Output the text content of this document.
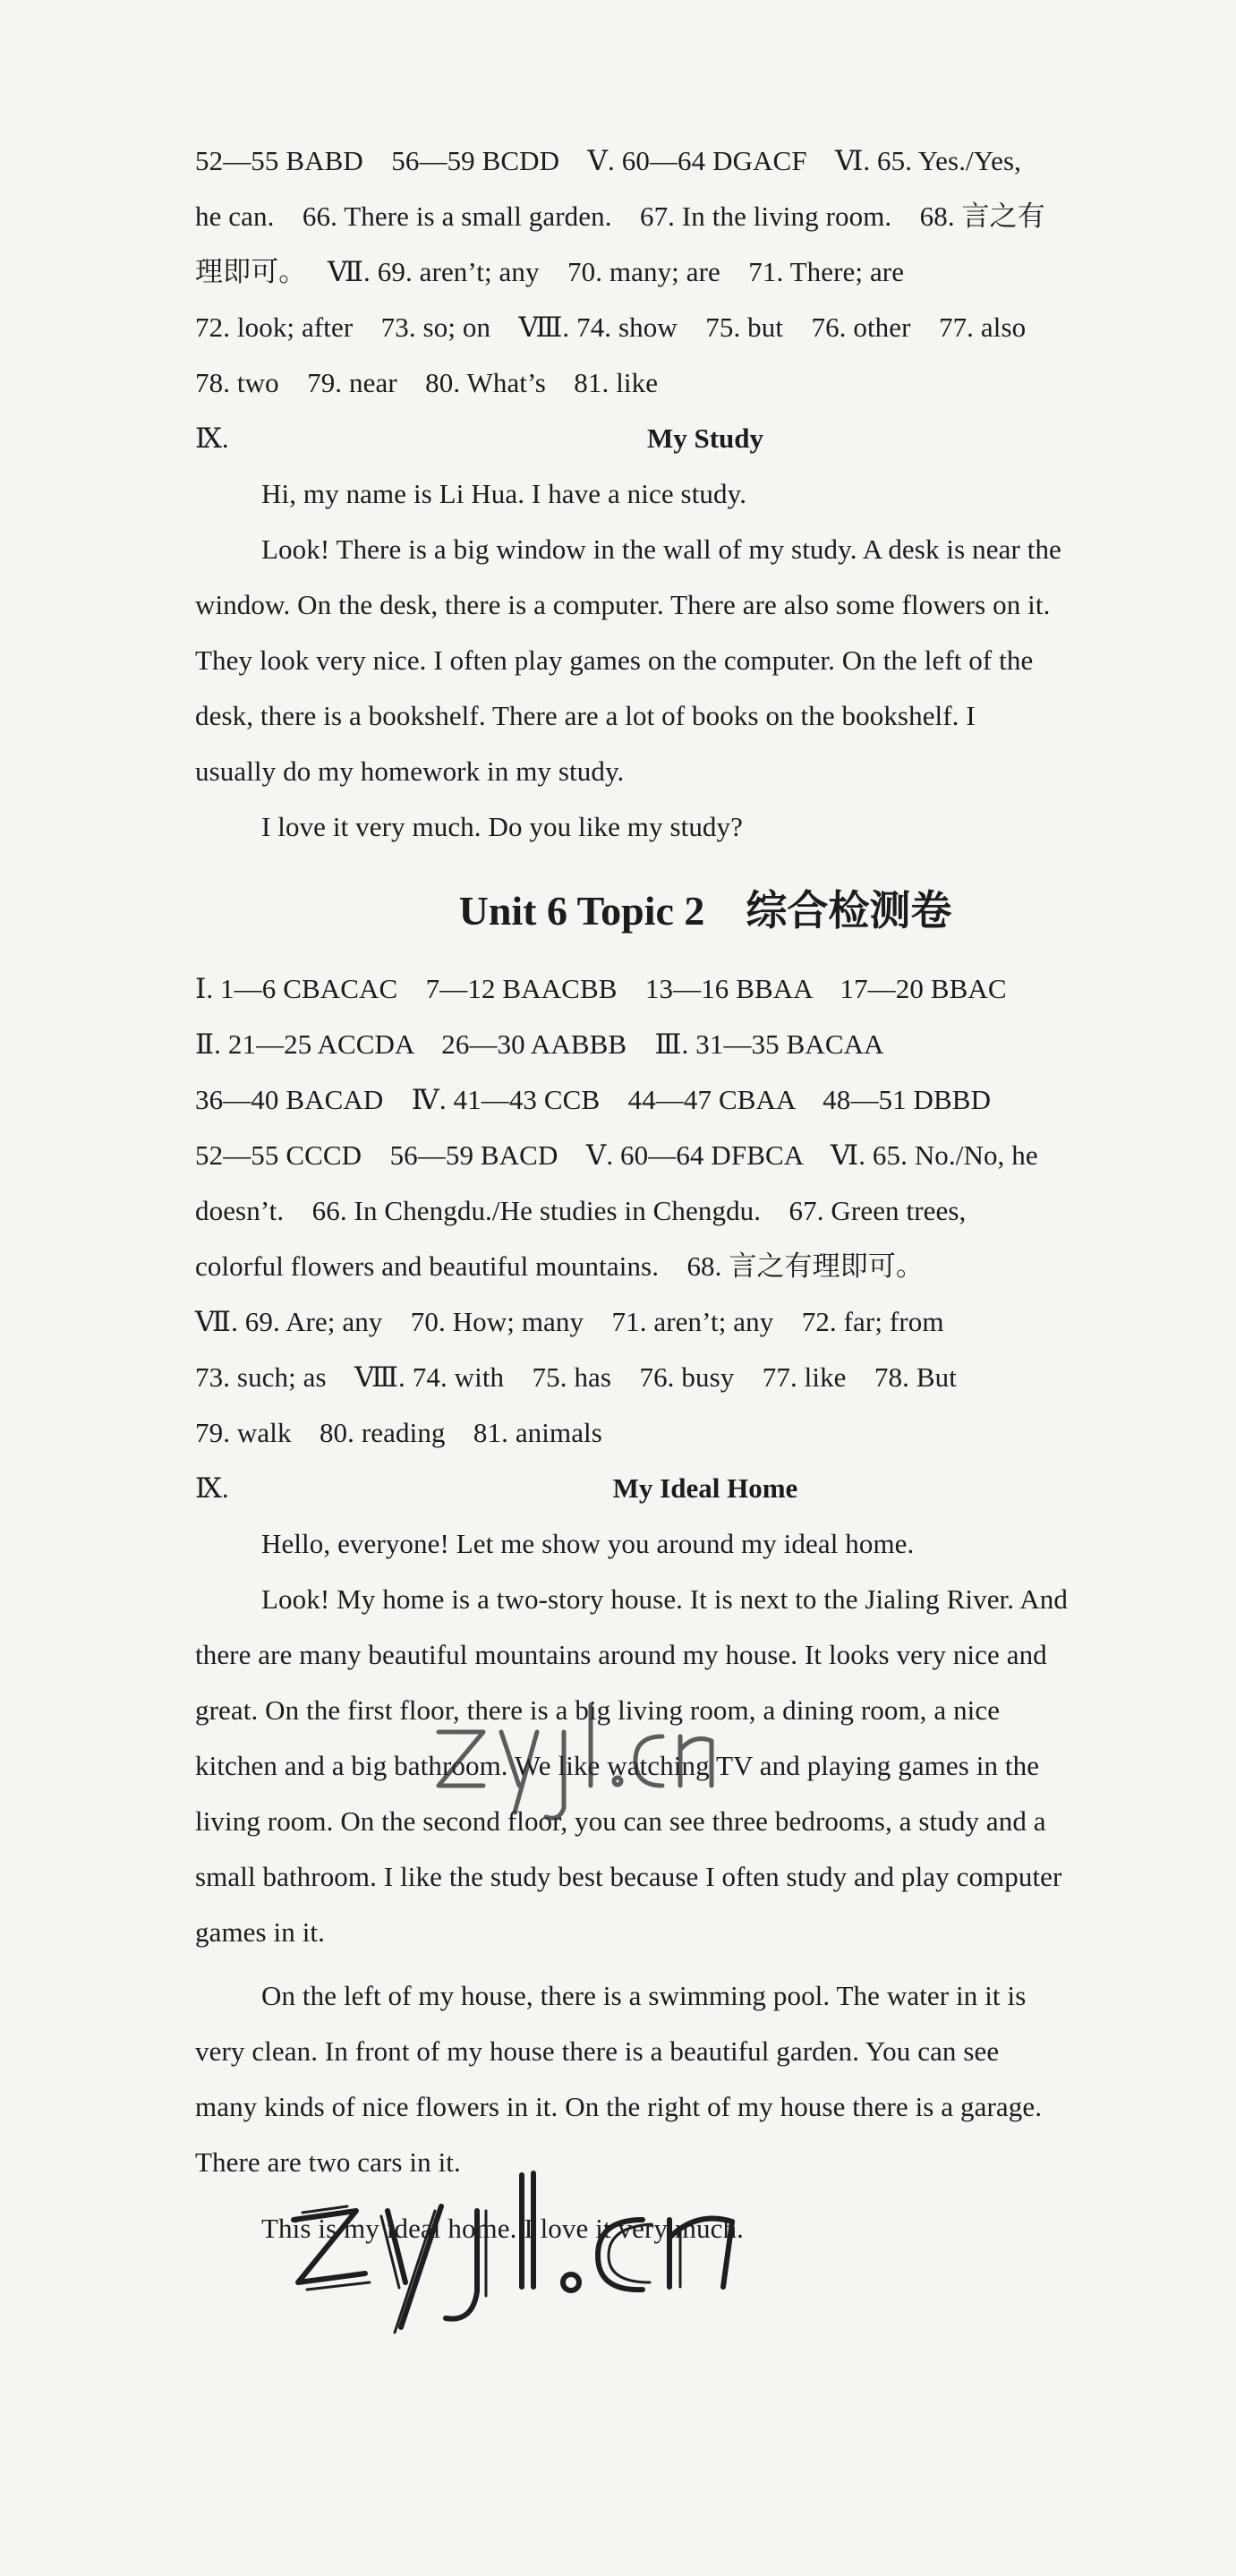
52—55 BABD    56—59 BCDD    Ⅴ. 60—64 DGACF    Ⅵ. 65. Yes./Yes,
he can.    66. There is a small garden.    67. In the living room.    68. 言之有
理即可。   Ⅶ. 69. aren’t; any    70. many; are    71. There; are
72. look; after    73. so; on    Ⅷ. 74. show    75. but    76. other    77. also
78. two    79. near    80. What’s    81. like
Ⅸ.	My Study
Hi, my name is Li Hua. I have a nice study.
Look! There is a big window in the wall of my study. A desk is near the
window. On the desk, there is a computer. There are also some flowers on it.
They look very nice. I often play games on the computer. On the left of the
desk, there is a bookshelf. There are a lot of books on the bookshelf. I
usually do my homework in my study.
I love it very much. Do you like my study?
Unit 6 Topic 2    综合检测卷
Ⅰ. 1—6 CBACAC    7—12 BAACBB    13—16 BBAA    17—20 BBAC
Ⅱ. 21—25 ACCDA    26—30 AABBB    Ⅲ. 31—35 BACAA
36—40 BACAD    Ⅳ. 41—43 CCB    44—47 CBAA    48—51 DBBD
52—55 CCCD    56—59 BACD    Ⅴ. 60—64 DFBCA    Ⅵ. 65. No./No, he
doesn’t.    66. In Chengdu./He studies in Chengdu.    67. Green trees,
colorful flowers and beautiful mountains.    68. 言之有理即可。
Ⅶ. 69. Are; any    70. How; many    71. aren’t; any    72. far; from
73. such; as    Ⅷ. 74. with    75. has    76. busy    77. like    78. But
79. walk    80. reading    81. animals
Ⅸ.	My Ideal Home
Hello, everyone! Let me show you around my ideal home.
Look! My home is a two-story house. It is next to the Jialing River. And
there are many beautiful mountains around my house. It looks very nice and
great. On the first floor, there is a big living room, a dining room, a nice
kitchen and a big bathroom. We like watching TV and playing games in the
living room. On the second floor, you can see three bedrooms, a study and a
small bathroom. I like the study best because I often study and play computer
games in it.
On the left of my house, there is a swimming pool. The water in it is
very clean. In front of my house there is a beautiful garden. You can see
many kinds of nice flowers in it. On the right of my house there is a garage.
There are two cars in it.
This is my ideal home. I love it very much.
